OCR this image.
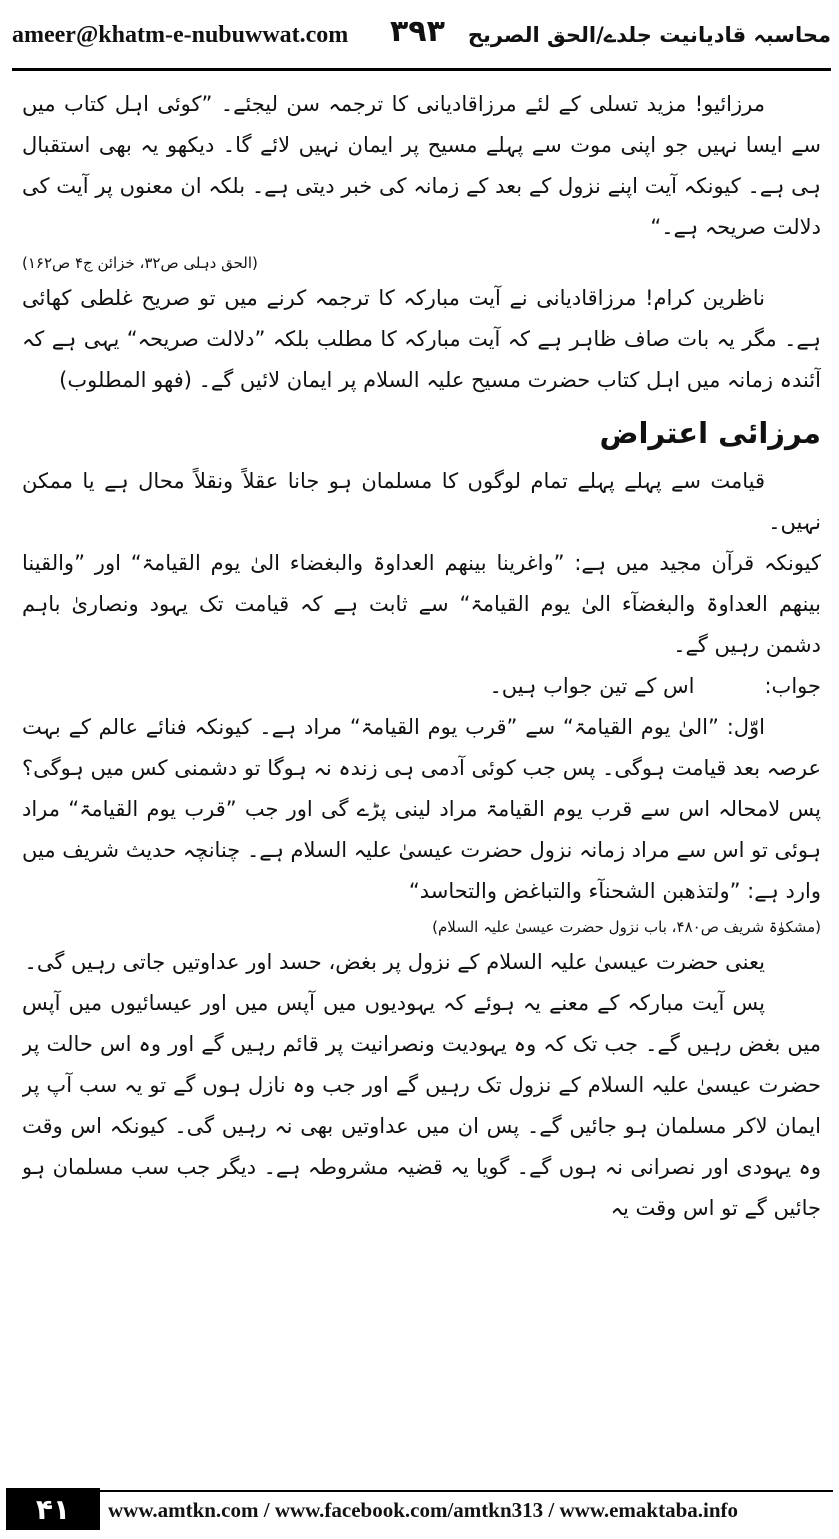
ameer@khatm-e-nubuwwat.com ۳۹۳ محاسبہ قادیانیت جلدے/الحق الصریح

مرزائیو! مزید تسلی کے لئے مرزاقادیانی کا ترجمہ سن لیجئے۔ ”کوئی اہل کتاب میں سے ایسا نہیں جو اپنی موت سے پہلے مسیح پر ایمان نہیں لائے گا۔ دیکھو یہ بھی استقبال ہی ہے۔ کیونکہ آیت اپنے نزول کے بعد کے زمانہ کی خبر دیتی ہے۔ بلکہ ان معنوں پر آیت کی دلالت صریحہ ہے۔“

(الحق دہلی ص۳۲، خزائن ج۴ ص۱۶۲)

ناظرین کرام! مرزاقادیانی نے آیت مبارکہ کا ترجمہ کرنے میں تو صریح غلطی کھائی ہے۔ مگر یہ بات صاف ظاہر ہے کہ آیت مبارکہ کا مطلب بلکہ ”دلالت صریحہ“ یہی ہے کہ آئندہ زمانہ میں اہل کتاب حضرت مسیح علیہ السلام پر ایمان لائیں گے۔ (فھو المطلوب)

مرزائی اعتراض

قیامت سے پہلے پہلے تمام لوگوں کا مسلمان ہو جانا عقلاً ونقلاً محال ہے یا ممکن نہیں۔

کیونکہ قرآن مجید میں ہے: ”واغرینا بینھم العداوۃ والبغضاء الیٰ یوم القیامۃ“ اور ”والقینا بینھم العداوۃ والبغضآء الیٰ یوم القیامۃ“ سے ثابت ہے کہ قیامت تک یہود ونصاریٰ باہم دشمن رہیں گے۔

جواب:
اس کے تین جواب ہیں۔

اوّل: ”الیٰ یوم القیامۃ“ سے ”قرب یوم القیامۃ“ مراد ہے۔ کیونکہ فنائے عالم کے بہت عرصہ بعد قیامت ہوگی۔ پس جب کوئی آدمی ہی زندہ نہ ہوگا تو دشمنی کس میں ہوگی؟ پس لامحالہ اس سے قرب یوم القیامۃ مراد لینی پڑے گی اور جب ”قرب یوم القیامۃ“ مراد ہوئی تو اس سے مراد زمانہ نزول حضرت عیسیٰ علیہ السلام ہے۔ چنانچہ حدیث شریف میں وارد ہے: ”ولتذھبن الشحنآء والتباغض والتحاسد“

(مشکوٰۃ شریف ص۴۸۰، باب نزول حضرت عیسیٰ علیہ السلام)

یعنی حضرت عیسیٰ علیہ السلام کے نزول پر بغض، حسد اور عداوتیں جاتی رہیں گی۔

پس آیت مبارکہ کے معنے یہ ہوئے کہ یہودیوں میں آپس میں اور عیسائیوں میں آپس میں بغض رہیں گے۔ جب تک کہ وہ یہودیت ونصرانیت پر قائم رہیں گے اور وہ اس حالت پر حضرت عیسیٰ علیہ السلام کے نزول تک رہیں گے اور جب وہ نازل ہوں گے تو یہ سب آپ پر ایمان لاکر مسلمان ہو جائیں گے۔ پس ان میں عداوتیں بھی نہ رہیں گی۔ کیونکہ اس وقت وہ یہودی اور نصرانی نہ ہوں گے۔ گویا یہ قضیہ مشروطہ ہے۔ دیگر جب سب مسلمان ہو جائیں گے تو اس وقت یہ

۴۱	www.amtkn.com / www.facebook.com/amtkn313 / www.emaktaba.info
